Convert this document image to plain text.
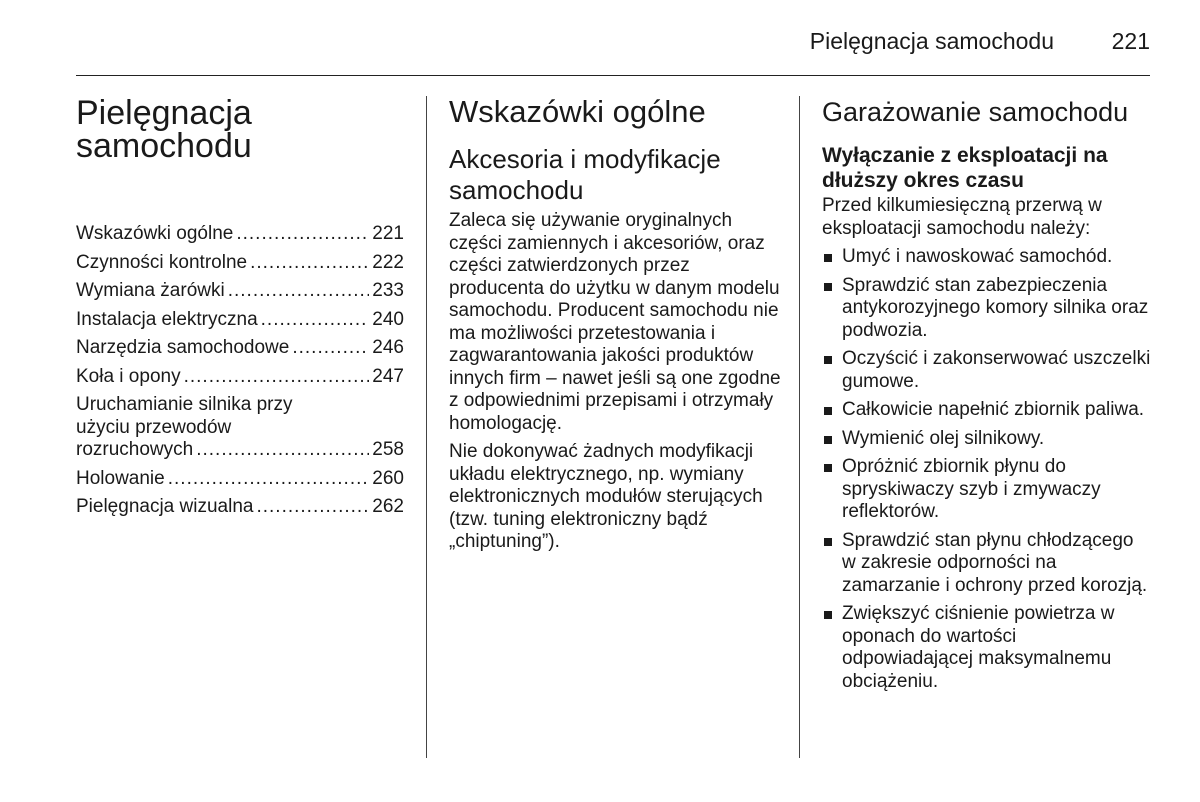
Pielęgnacja samochodu	221
Pielęgnacja
samochodu
Wskazówki ogólne .....	221
Czynności kontrolne .....	222
Wymiana żarówki .....	233
Instalacja elektryczna .....	240
Narzędzia samochodowe .....	246
Koła i opony .....	247
Uruchamianie silnika przy
użyciu przewodów
rozruchowych .....	258
Holowanie .....	260
Pielęgnacja wizualna .....	262
Wskazówki ogólne
Akcesoria i modyfikacje
samochodu

Zaleca się używanie oryginalnych części zamiennych i akcesoriów, oraz części zatwierdzonych przez producenta do użytku w danym modelu samochodu. Producent samochodu nie ma możliwości przetestowania i zagwarantowania jakości produktów innych firm – nawet jeśli są one zgodne z odpowiednimi przepisami i otrzymały homologację.

Nie dokonywać żadnych modyfikacji układu elektrycznego, np. wymiany elektronicznych modułów sterujących (tzw. tuning elektroniczny bądź „chiptuning”).

Garażowanie samochodu
Wyłączanie z eksploatacji na
dłuższy okres czasu

Przed kilkumiesięczną przerwą w eksploatacji samochodu należy:

Umyć i nawoskować samochód.
Sprawdzić stan zabezpieczenia antykorozyjnego komory silnika oraz podwozia.
Oczyścić i zakonserwować uszczelki gumowe.
Całkowicie napełnić zbiornik paliwa.
Wymienić olej silnikowy.
Opróżnić zbiornik płynu do spryskiwaczy szyb i zmywaczy reflektorów.
Sprawdzić stan płynu chłodzącego w zakresie odporności na zamarzanie i ochrony przed korozją.
Zwiększyć ciśnienie powietrza w oponach do wartości odpowiadającej maksymalnemu obciążeniu.
